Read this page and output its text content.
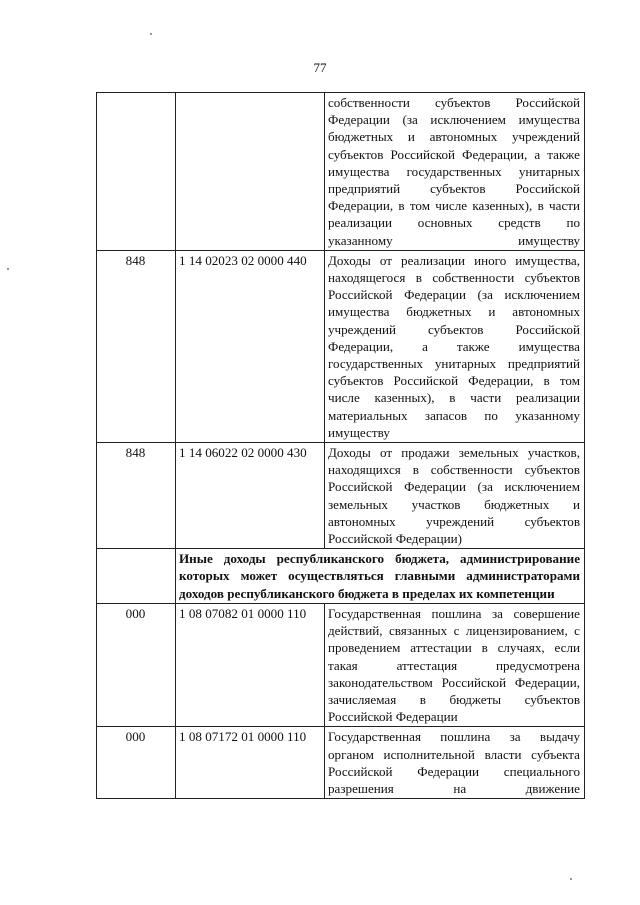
77
		собственности субъектов Российской Федерации (за исключением имущества бюджетных и автономных учреждений субъектов Российской Федерации, а также имущества государственных унитарных предприятий субъектов Российской Федерации, в том числе казенных), в части реализации основных средств по указанному имуществу
848	1 14 02023 02 0000 440	Доходы от реализации иного имущества, находящегося в собственности субъектов Российской Федерации (за исключением имущества бюджетных и автономных учреждений субъектов Российской Федерации, а также имущества государственных унитарных предприятий субъектов Российской Федерации, в том числе казенных), в части реализации материальных запасов по указанному имуществу
848	1 14 06022 02 0000 430	Доходы от продажи земельных участков, находящихся в собственности субъектов Российской Федерации (за исключением земельных участков бюджетных и автономных учреждений субъектов Российской Федерации)
	Иные доходы республиканского бюджета, администрирование которых может осуществляться главными администраторами доходов республиканского бюджета в пределах их компетенции	
000	1 08 07082 01 0000 110	Государственная пошлина за совершение действий, связанных с лицензированием, с проведением аттестации в случаях, если такая аттестация предусмотрена законодательством Российской Федерации, зачисляемая в бюджеты субъектов Российской Федерации
000	1 08 07172 01 0000 110	Государственная пошлина за выдачу органом исполнительной власти субъекта Российской Федерации специального разрешения на движение
